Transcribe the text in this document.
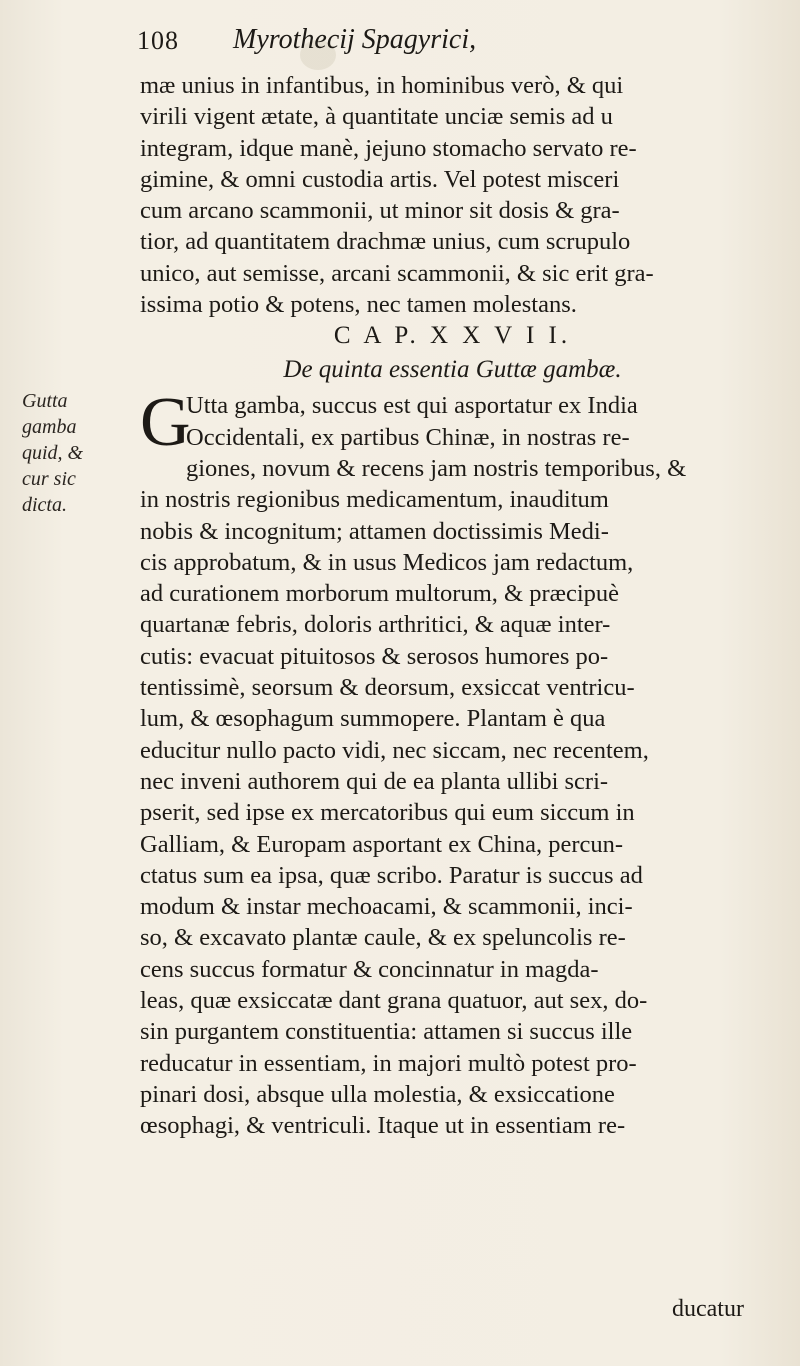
108 Myrothecij Spagyrici,
Gutta
gamba
quid, &
cur sic
dicta.
mæ unius in infantibus, in hominibus verò, & qui
virili vigent ætate, à quantitate unciæ semis ad u
integram, idque manè, jejuno stomacho servato re-
gimine, & omni custodia artis. Vel potest misceri
cum arcano scammonii, ut minor sit dosis & gra-
tior, ad quantitatem drachmæ unius, cum scrupulo
unico, aut semisse, arcani scammonii, & sic erit gra-
issima potio & potens, nec tamen molestans.
C A P. X X V I I.
De quinta essentia Guttæ gambæ.
G
Utta gamba, succus est qui asportatur ex India
Occidentali, ex partibus Chinæ, in nostras re-
giones, novum & recens jam nostris temporibus, &
in nostris regionibus medicamentum, inauditum
nobis & incognitum; attamen doctissimis Medi-
cis approbatum, & in usus Medicos jam redactum,
ad curationem morborum multorum, & præcipuè
quartanæ febris, doloris arthritici, & aquæ inter-
cutis: evacuat pituitosos & serosos humores po-
tentissimè, seorsum & deorsum, exsiccat ventricu-
lum, & œsophagum summopere. Plantam è qua
educitur nullo pacto vidi, nec siccam, nec recentem,
nec inveni authorem qui de ea planta ullibi scri-
pserit, sed ipse ex mercatoribus qui eum siccum in
Galliam, & Europam asportant ex China, percun-
ctatus sum ea ipsa, quæ scribo. Paratur is succus ad
modum & instar mechoacami, & scammonii, inci-
so, & excavato plantæ caule, & ex speluncolis re-
cens succus formatur & concinnatur in magda-
leas, quæ exsiccatæ dant grana quatuor, aut sex, do-
sin purgantem constituentia: attamen si succus ille
reducatur in essentiam, in majori multò potest pro-
pinari dosi, absque ulla molestia, & exsiccatione
œsophagi, & ventriculi. Itaque ut in essentiam re-
ducatur
